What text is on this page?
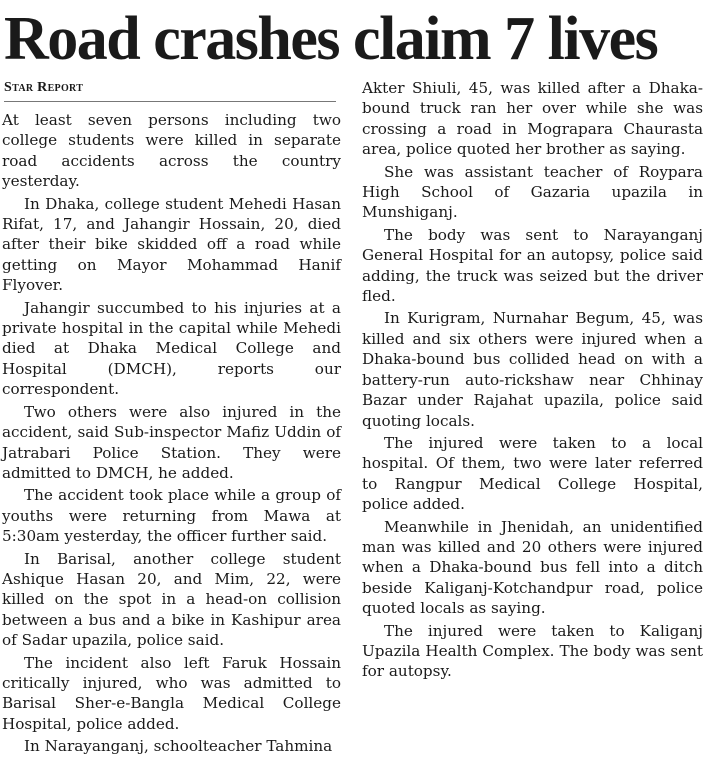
Road crashes claim 7 lives
Star Report

At least seven persons including two college students were killed in separate road accidents across the country yesterday.

In Dhaka, college student Mehedi Hasan Rifat, 17, and Jahangir Hossain, 20, died after their bike skidded off a road while getting on Mayor Mohammad Hanif Flyover.

Jahangir succumbed to his injuries at a private hospital in the capital while Mehedi died at Dhaka Medical College and Hospital (DMCH), reports our correspondent.

Two others were also injured in the accident, said Sub-inspector Mafiz Uddin of Jatrabari Police Station. They were admitted to DMCH, he added.

The accident took place while a group of youths were returning from Mawa at 5:30am yesterday, the officer further said.

In Barisal, another college student Ashique Hasan 20, and Mim, 22, were killed on the spot in a head-on collision between a bus and a bike in Kashipur area of Sadar upazila, police said.

The incident also left Faruk Hossain critically injured, who was admitted to Barisal Sher-e-Bangla Medical College Hospital, police added.

In Narayanganj, schoolteacher Tahmina

Akter Shiuli, 45, was killed after a Dhaka-bound truck ran her over while she was crossing a road in Mograpara Chaurasta area, police quoted her brother as saying.

She was assistant teacher of Roypara High School of Gazaria upazila in Munshiganj.

The body was sent to Narayanganj General Hospital for an autopsy, police said adding, the truck was seized but the driver fled.

In Kurigram, Nurnahar Begum, 45, was killed and six others were injured when a Dhaka-bound bus collided head on with a battery-run auto-rickshaw near Chhinay Bazar under Rajahat upazila, police said quoting locals.

The injured were taken to a local hospital. Of them, two were later referred to Rangpur Medical College Hospital, police added.

Meanwhile in Jhenidah, an unidentified man was killed and 20 others were injured when a Dhaka-bound bus fell into a ditch beside Kaliganj-Kotchandpur road, police quoted locals as saying.

The injured were taken to Kaliganj Upazila Health Complex. The body was sent for autopsy.
